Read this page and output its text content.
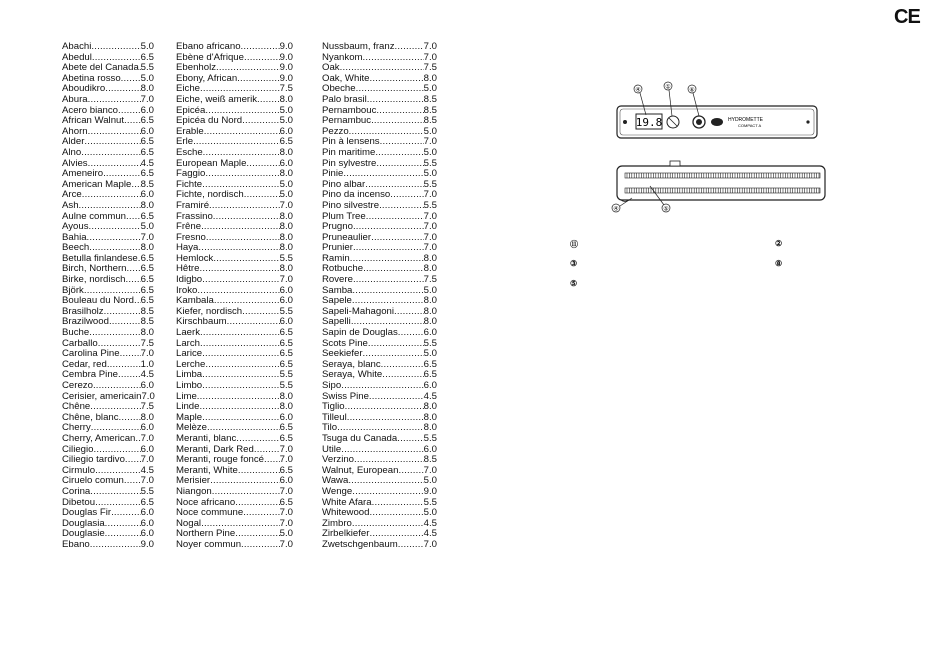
CE
Abachi .....	5.0
Abedul .....	6.5
Abete del Canada ..... 5.5
Abetina rosso ..... 5.0
Aboudikro .....	8.0
Abura .....	7.0
Acero bianco ..... 6.0
African Walnut ..... 6.5
Ahorn .....	6.0
Alder .....	6.5
Alno .....	6.5
Alvies .....	4.5
Ameneiro .....	6.5
American Maple ..... 8.5
Arce .....	6.0
Ash .....	8.0
Aulne commun ..... 6.5
Ayous .....	5.0
Bahia .....	7.0
Beech .....	8.0
Betulla finlandese ..... 6.5
Birch, Northern ..... 6.5
Birke, nordisch ..... 6.5
Björk .....	6.5
Bouleau du Nord ..... 6.5
Brasilholz .....	8.5
Brazilwood .....	8.5
Buche .....	8.0
Carballo .....	7.5
Carolina Pine ..... 7.0
Cedar, red .....	1.0
Cembra Pine ..... 4.5
Cerezo .....	6.0
Cerisier, americain 7.0
Chêne .....	7.5
Chêne, blanc ..... 8.0
Cherry .....	6.0
Cherry, American ..... 7.0
Ciliegio .....	6.0
Ciliegio tardivo ..... 7.0
Cirmulo .....	4.5
Ciruelo comun ..... 7.0
Corina .....	5.5
Dibetou .....	6.5
Douglas Fir .....	6.0
Douglasia .....	6.0
Douglasie .....	6.0
Ebano .....	9.0
Ebano africano .....	9.0
Ebène d'Afrique .....	9.0
Ebenholz .....	9.0
Ebony, African .....	9.0
Eiche .....	7.5
Eiche, weiß amerik ..... 8.0
Epicéa .....	5.0
Epicéa du Nord .....	5.0
Erable .....	6.0
Erle .....	6.5
Esche .....	8.0
European Maple .....	6.0
Faggio .....	8.0
Fichte .....	5.0
Fichte, nordisch .....	5.0
Framiré .....	7.0
Frassino .....	8.0
Frêne .....	8.0
Fresno .....	8.0
Haya .....	8.0
Hemlock .....	5.5
Hêtre .....	8.0
Idigbo .....	7.0
Iroko .....	6.0
Kambala .....	6.0
Kiefer, nordisch .....	5.5
Kirschbaum .....	6.0
Laerk .....	6.5
Larch .....	6.5
Larice .....	6.5
Lerche .....	6.5
Limba .....	5.5
Limbo .....	5.5
Lime .....	8.0
Linde .....	8.0
Maple .....	6.0
Melèze .....	6.5
Meranti, blanc .....	6.5
Meranti, Dark Red .....	7.0
Meranti, rouge foncé ..... 7.0
Meranti, White .....	6.5
Merisier .....	6.0
Niangon .....	7.0
Noce africano .....	6.5
Noce commune .....	7.0
Nogal .....	7.0
Northern Pine .....	5.0
Noyer commun .....	7.0
Nussbaum, franz .....	7.0
Nyankom .....	7.0
Oak .....	7.5
Oak, White .....	8.0
Obeche .....	5.0
Palo brasil .....	8.5
Pernambouc .....	8.5
Pernambuc .....	8.5
Pezzo .....	5.0
Pin à lensens .....	7.0
Pin maritime .....	5.0
Pin sylvestre .....	5.5
Pinie .....	5.0
Pino albar .....	5.5
Pino da incenso .....	7.0
Pino silvestre .....	5.5
Plum Tree .....	7.0
Prugno .....	7.0
Pruneaulier .....	7.0
Prunier .....	7.0
Ramin .....	8.0
Rotbuche .....	8.0
Rovere .....	7.5
Samba .....	5.0
Sapele .....	8.0
Sapeli-Mahagoni .....	8.0
Sapelli .....	8.0
Sapin de Douglas .....	6.0
Scots Pine .....	5.5
Seekiefer .....	5.0
Seraya, blanc .....	6.5
Seraya, White .....	6.5
Sipo .....	6.0
Swiss Pine .....	4.5
Tiglio .....	8.0
Tilleul .....	8.0
Tilo .....	8.0
Tsuga du Canada .....	5.5
Utile .....	6.0
Verzino .....	8.5
Walnut, European .....	7.0
Wawa .....	5.0
Wenge .....	9.0
White Afara .....	5.5
Whitewood .....	5.0
Zimbro .....	4.5
Zirbelkiefer .....	4.5
Zwetschgenbaum .....	7.0
19.8	HYDROMETTE
COMPACT A
④	①	⑥
④	⑤
⑪	②
③	⑧
⑤
